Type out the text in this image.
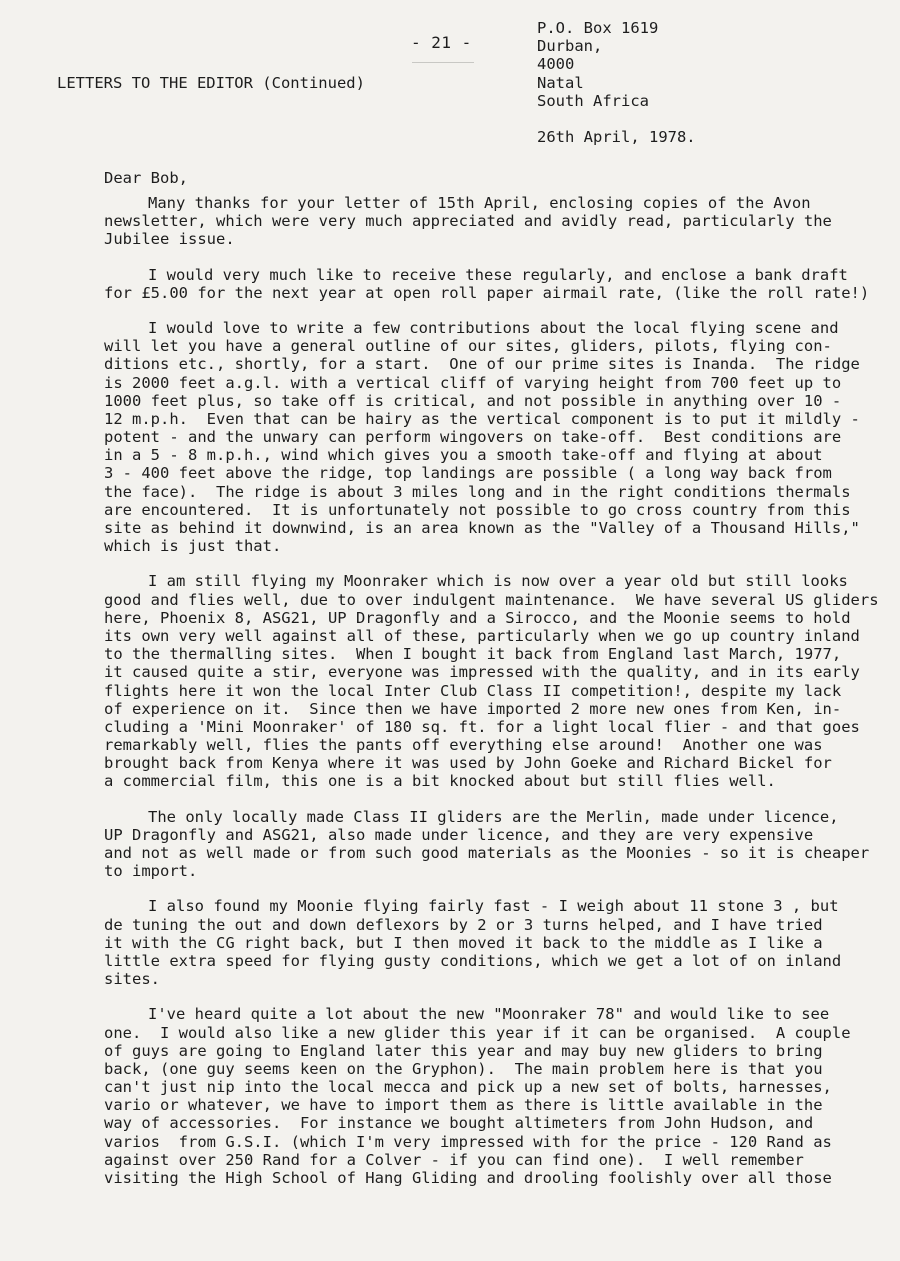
- 21 -
P.O. Box 1619
Durban,
4000
Natal
South Africa
LETTERS TO THE EDITOR (Continued)
26th April, 1978.
Dear Bob,
Many thanks for your letter of 15th April, enclosing copies of the Avon
newsletter, which were very much appreciated and avidly read, particularly the
Jubilee issue.
I would very much like to receive these regularly, and enclose a bank draft
for £5.00 for the next year at open roll paper airmail rate, (like the roll rate!)
I would love to write a few contributions about the local flying scene and
will let you have a general outline of our sites, gliders, pilots, flying con-
ditions etc., shortly, for a start.  One of our prime sites is Inanda.  The ridge
is 2000 feet a.g.l. with a vertical cliff of varying height from 700 feet up to
1000 feet plus, so take off is critical, and not possible in anything over 10 -
12 m.p.h.  Even that can be hairy as the vertical component is to put it mildly -
potent - and the unwary can perform wingovers on take-off.  Best conditions are
in a 5 - 8 m.p.h., wind which gives you a smooth take-off and flying at about
3 - 400 feet above the ridge, top landings are possible ( a long way back from
the face).  The ridge is about 3 miles long and in the right conditions thermals
are encountered.  It is unfortunately not possible to go cross country from this
site as behind it downwind, is an area known as the "Valley of a Thousand Hills,"
which is just that.
I am still flying my Moonraker which is now over a year old but still looks
good and flies well, due to over indulgent maintenance.  We have several US gliders
here, Phoenix 8, ASG21, UP Dragonfly and a Sirocco, and the Moonie seems to hold
its own very well against all of these, particularly when we go up country inland
to the thermalling sites.  When I bought it back from England last March, 1977,
it caused quite a stir, everyone was impressed with the quality, and in its early
flights here it won the local Inter Club Class II competition!, despite my lack
of experience on it.  Since then we have imported 2 more new ones from Ken, in-
cluding a 'Mini Moonraker' of 180 sq. ft. for a light local flier - and that goes
remarkably well, flies the pants off everything else around!  Another one was
brought back from Kenya where it was used by John Goeke and Richard Bickel for
a commercial film, this one is a bit knocked about but still flies well.
The only locally made Class II gliders are the Merlin, made under licence,
UP Dragonfly and ASG21, also made under licence, and they are very expensive
and not as well made or from such good materials as the Moonies - so it is cheaper
to import.
I also found my Moonie flying fairly fast - I weigh about 11 stone 3 , but
de tuning the out and down deflexors by 2 or 3 turns helped, and I have tried
it with the CG right back, but I then moved it back to the middle as I like a
little extra speed for flying gusty conditions, which we get a lot of on inland
sites.
I've heard quite a lot about the new "Moonraker 78" and would like to see
one.  I would also like a new glider this year if it can be organised.  A couple
of guys are going to England later this year and may buy new gliders to bring
back, (one guy seems keen on the Gryphon).  The main problem here is that you
can't just nip into the local mecca and pick up a new set of bolts, harnesses,
vario or whatever, we have to import them as there is little available in the
way of accessories.  For instance we bought altimeters from John Hudson, and
varios  from G.S.I. (which I'm very impressed with for the price - 120 Rand as
against over 250 Rand for a Colver - if you can find one).  I well remember
visiting the High School of Hang Gliding and drooling foolishly over all those
